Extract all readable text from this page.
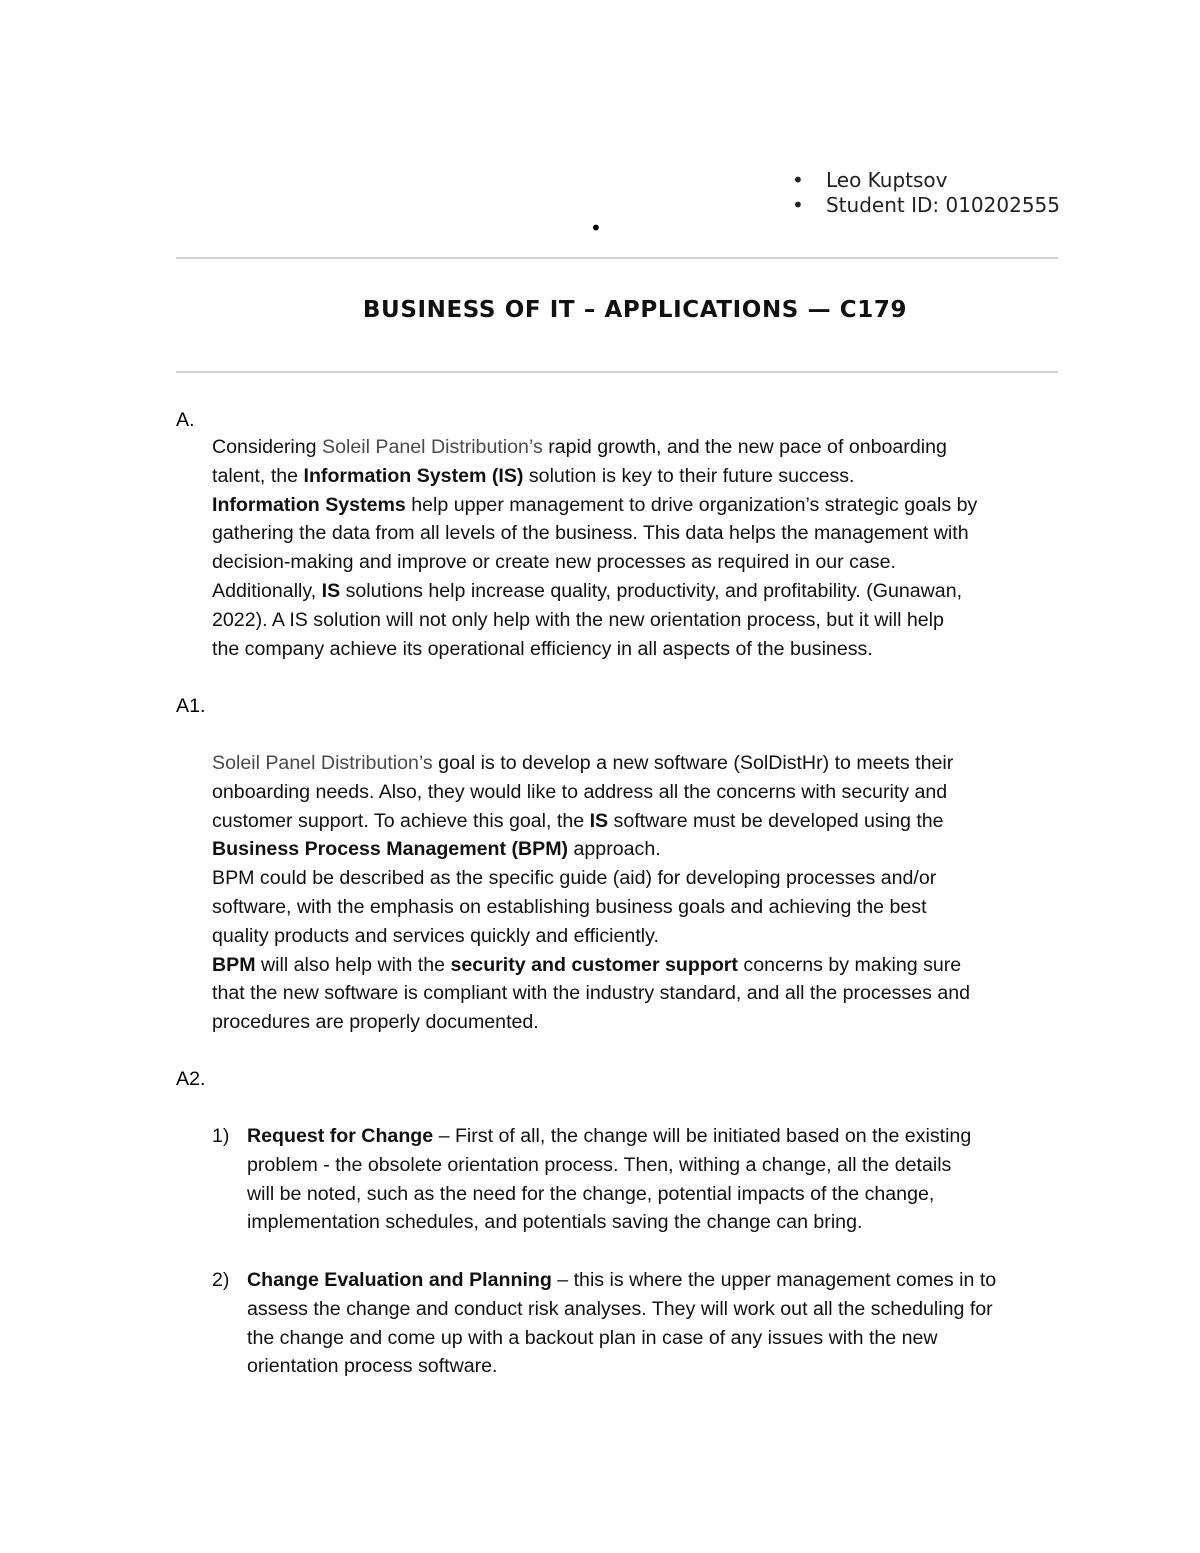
• Leo Kuptsov
• Student ID: 010202555
•
BUSINESS OF IT – APPLICATIONS — C179
A.
Considering Soleil Panel Distribution’s rapid growth, and the new pace of onboarding
talent, the Information System (IS) solution is key to their future success.
Information Systems help upper management to drive organization’s strategic goals by
gathering the data from all levels of the business. This data helps the management with
decision-making and improve or create new processes as required in our case.
Additionally, IS solutions help increase quality, productivity, and profitability. (Gunawan,
2022). A IS solution will not only help with the new orientation process, but it will help
the company achieve its operational efficiency in all aspects of the business.
A1.
Soleil Panel Distribution’s goal is to develop a new software (SolDistHr) to meets their
onboarding needs. Also, they would like to address all the concerns with security and
customer support. To achieve this goal, the IS software must be developed using the
Business Process Management (BPM) approach.
BPM could be described as the specific guide (aid) for developing processes and/or
software, with the emphasis on establishing business goals and achieving the best
quality products and services quickly and efficiently.
BPM will also help with the security and customer support concerns by making sure
that the new software is compliant with the industry standard, and all the processes and
procedures are properly documented.
A2.
1) Request for Change – First of all, the change will be initiated based on the existing
problem - the obsolete orientation process. Then, withing a change, all the details
will be noted, such as the need for the change, potential impacts of the change,
implementation schedules, and potentials saving the change can bring.
2) Change Evaluation and Planning – this is where the upper management comes in to
assess the change and conduct risk analyses. They will work out all the scheduling for
the change and come up with a backout plan in case of any issues with the new
orientation process software.
